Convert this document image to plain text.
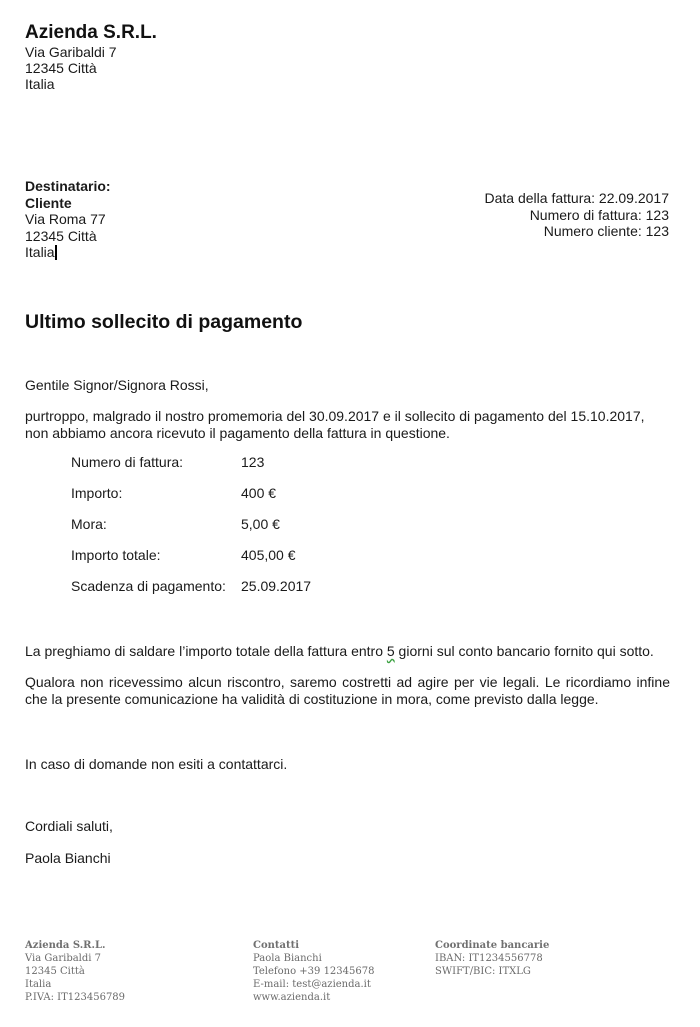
Azienda S.R.L.
Via Garibaldi 7
12345 Città
Italia
Destinatario:
Cliente
Via Roma 77
12345 Città
Italia
Data della fattura: 22.09.2017
Numero di fattura: 123
Numero cliente: 123
Ultimo sollecito di pagamento
Gentile Signor/Signora Rossi,
purtroppo, malgrado il nostro promemoria del 30.09.2017 e il sollecito di pagamento del 15.10.2017, non abbiamo ancora ricevuto il pagamento della fattura in questione.
Numero di fattura:	123
Importo:	400 €
Mora:	5,00 €
Importo totale:	405,00 €
Scadenza di pagamento:	25.09.2017
La preghiamo di saldare l’importo totale della fattura entro 5 giorni sul conto bancario fornito qui sotto.
Qualora non ricevessimo alcun riscontro, saremo costretti ad agire per vie legali. Le ricordiamo infine che la presente comunicazione ha validità di costituzione in mora, come previsto dalla legge.
In caso di domande non esiti a contattarci.
Cordiali saluti,
Paola Bianchi
Azienda S.R.L.
Via Garibaldi 7
12345 Città
Italia
P.IVA: IT123456789
Contatti
Paola Bianchi
Telefono +39 12345678
E-mail: test@azienda.it
www.azienda.it
Coordinate bancarie
IBAN: IT1234556778
SWIFT/BIC: ITXLG
